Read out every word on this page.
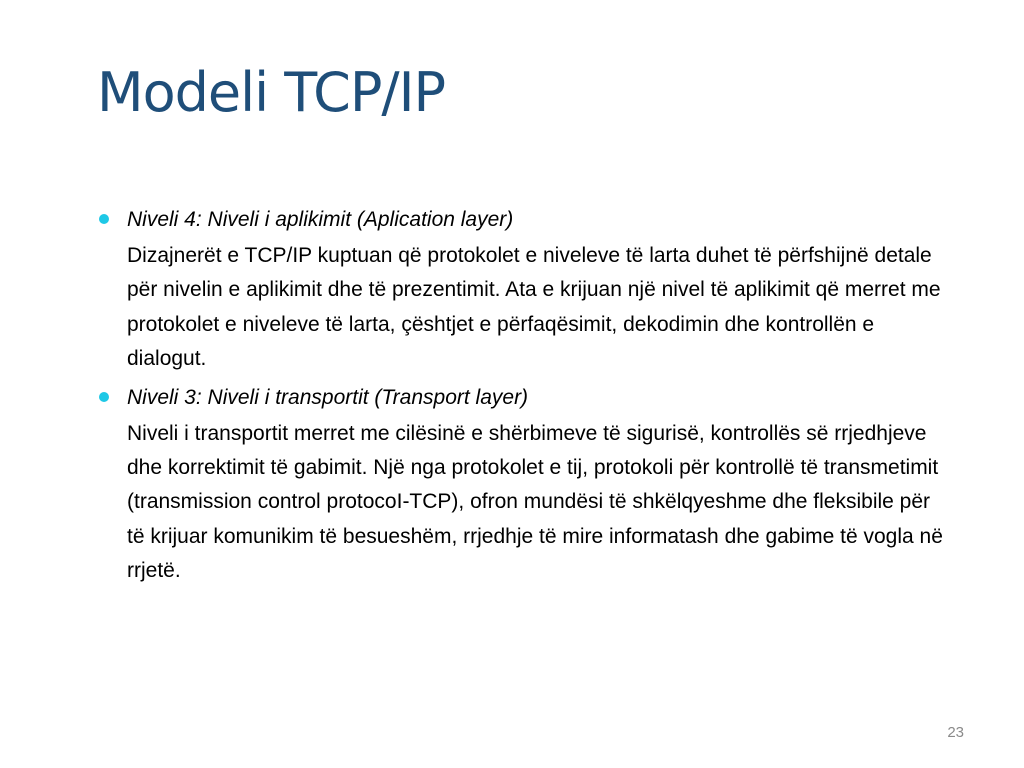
Modeli TCP/IP
Niveli 4: Niveli i aplikimit (Aplication layer)

Dizajnerët e TCP/IP kuptuan që protokolet e niveleve të larta duhet të përfshijnë detale për nivelin e aplikimit dhe të prezentimit. Ata e krijuan një nivel të aplikimit që merret me protokolet e niveleve të larta, çështjet e përfaqësimit, dekodimin dhe kontrollën e dialogut.

Niveli 3: Niveli i transportit (Transport layer)

Niveli i transportit merret me cilësinë e shërbimeve të sigurisë, kontrollës së rrjedhjeve dhe korrektimit të gabimit. Një nga protokolet e tij, protokoli për kontrollë të transmetimit (transmission control protocoI-TCP), ofron mundësi të shkëlqyeshme dhe fleksibile për të krijuar komunikim të besueshëm, rrjedhje të mire informatash dhe gabime të vogla në rrjetë.

23
